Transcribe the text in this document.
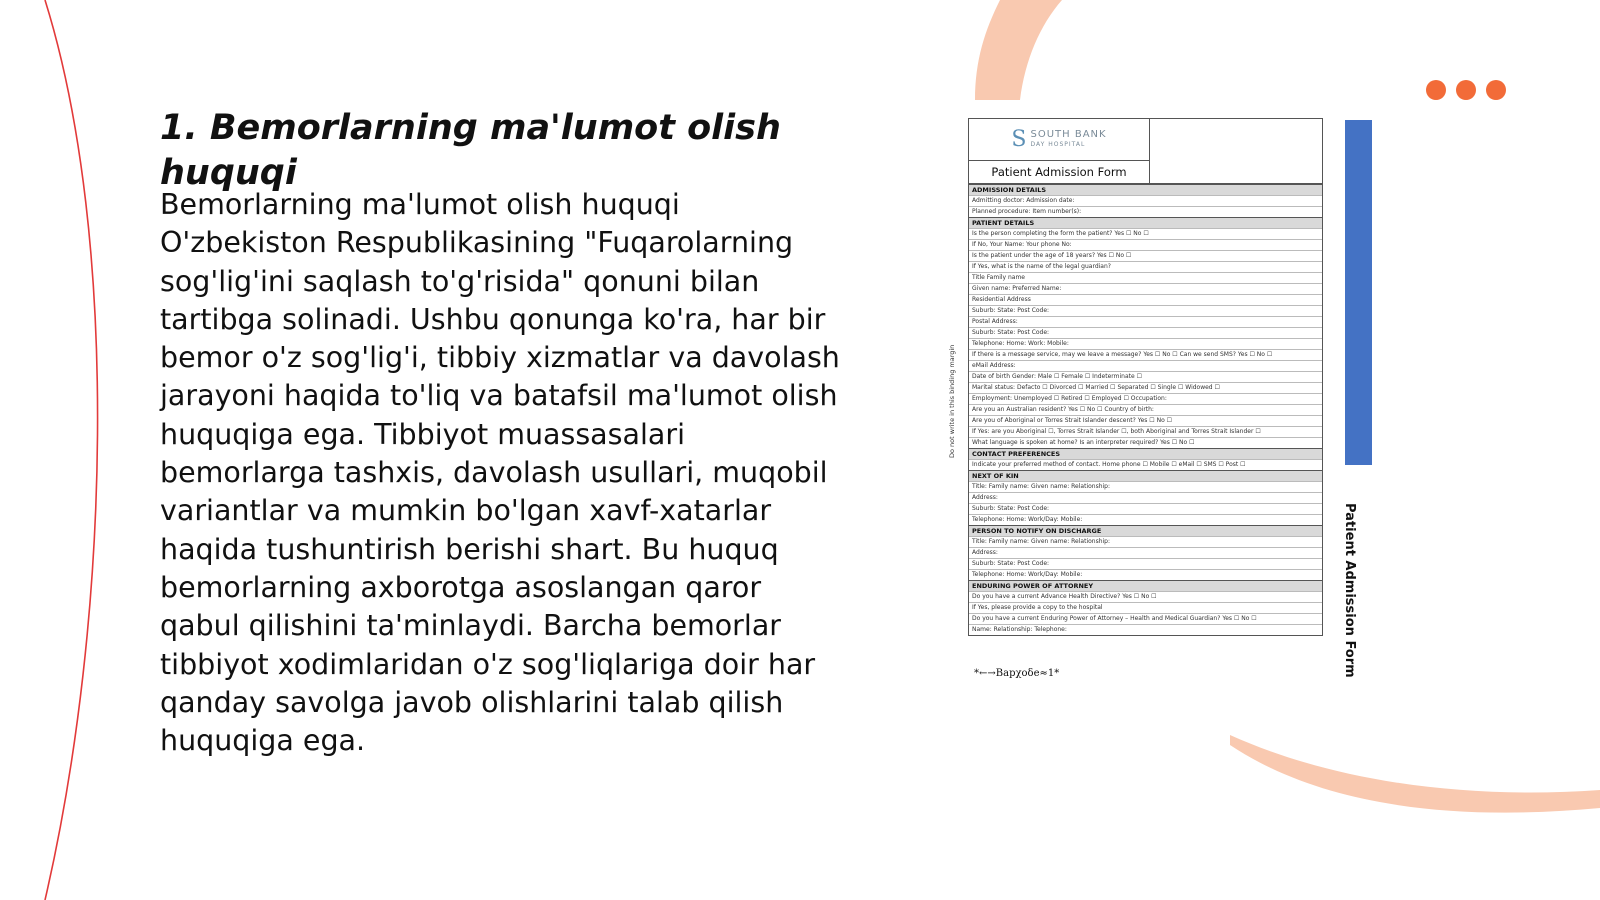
1. Bemorlarning ma'lumot olish huquqi

Bemorlarning ma'lumot olish huquqi O'zbekiston Respublikasining "Fuqarolarning sog'lig'ini saqlash to'g'risida" qonuni bilan tartibga solinadi. Ushbu qonunga ko'ra, har bir bemor o'z sog'lig'i, tibbiy xizmatlar va davolash jarayoni haqida to'liq va batafsil ma'lumot olish huquqiga ega. Tibbiyot muassasalari bemorlarga tashxis, davolash usullari, muqobil variantlar va mumkin bo'lgan xavf-xatarlar haqida tushuntirish berishi shart. Bu huquq bemorlarning axborotga asoslangan qaror qabul qilishini ta'minlaydi. Barcha bemorlar tibbiyot xodimlaridan o'z sog'liqlariga doir har qanday savolga javob olishlarini talab qilish huquqiga ega.

Do not write in this binding margin
S SOUTH BANK
DAY HOSPITAL
Patient Admission Form
ADMISSION DETAILS
Admitting doctor: Admission date:
Planned procedure: Item number(s):
PATIENT DETAILS
Is the person completing the form the patient? Yes ☐ No ☐
If No, Your Name: Your phone No:
Is the patient under the age of 18 years? Yes ☐ No ☐
If Yes, what is the name of the legal guardian?
Title Family name
Given name: Preferred Name:
Residential Address
Suburb: State: Post Code:
Postal Address:
Suburb: State: Post Code:
Telephone: Home: Work: Mobile:
If there is a message service, may we leave a message? Yes ☐ No ☐ Can we send SMS? Yes ☐ No ☐
eMail Address:
Date of birth Gender: Male ☐ Female ☐ Indeterminate ☐
Marital status: Defacto ☐ Divorced ☐ Married ☐ Separated ☐ Single ☐ Widowed ☐
Employment: Unemployed ☐ Retired ☐ Employed ☐ Occupation:
Are you an Australian resident? Yes ☐ No ☐ Country of birth:
Are you of Aboriginal or Torres Strait Islander descent? Yes ☐ No ☐
If Yes: are you Aboriginal ☐, Torres Strait Islander ☐, both Aboriginal and Torres Strait Islander ☐
What language is spoken at home? Is an interpreter required? Yes ☐ No ☐
CONTACT PREFERENCES
Indicate your preferred method of contact. Home phone ☐ Mobile ☐ eMail ☐ SMS ☐ Post ☐
NEXT OF KIN
Title: Family name: Given name: Relationship:
Address:
Suburb: State: Post Code:
Telephone: Home: Work/Day: Mobile:
PERSON TO NOTIFY ON DISCHARGE
Title: Family name: Given name: Relationship:
Address:
Suburb: State: Post Code:
Telephone: Home: Work/Day: Mobile:
ENDURING POWER OF ATTORNEY
Do you have a current Advance Health Directive? Yes ☐ No ☐
If Yes, please provide a copy to the hospital
Do you have a current Enduring Power of Attorney – Health and Medical Guardian? Yes ☐ No ☐
Name: Relationship: Telephone:	Patient Admission Form
*←→Bapχoδe≈1*
